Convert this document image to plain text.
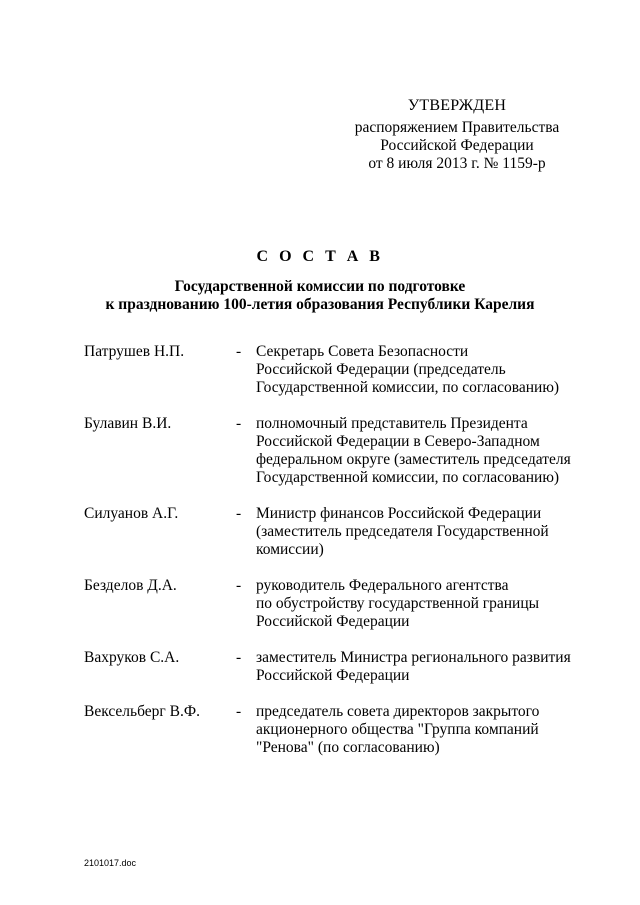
УТВЕРЖДЕН
распоряжением Правительства
Российской Федерации
от 8 июля 2013 г. № 1159-р
С О С Т А В
Государственной комиссии по подготовке
к празднованию 100-летия образования Республики Карелия
Патрушев Н.П.	- Секретарь Совета Безопасности
Российской Федерации (председатель
Государственной комиссии, по согласованию)
Булавин В.И.	- полномочный представитель Президента
Российской Федерации в Северо-Западном
федеральном округе (заместитель председателя
Государственной комиссии, по согласованию)
Силуанов А.Г.	- Министр финансов Российской Федерации
(заместитель председателя Государственной
комиссии)
Безделов Д.А.	- руководитель Федерального агентства
по обустройству государственной границы
Российской Федерации
Вахруков С.А.	- заместитель Министра регионального развития
Российской Федерации
Вексельберг В.Ф.	- председатель совета директоров закрытого
акционерного общества "Группа компаний
"Ренова" (по согласованию)
2101017.doc
